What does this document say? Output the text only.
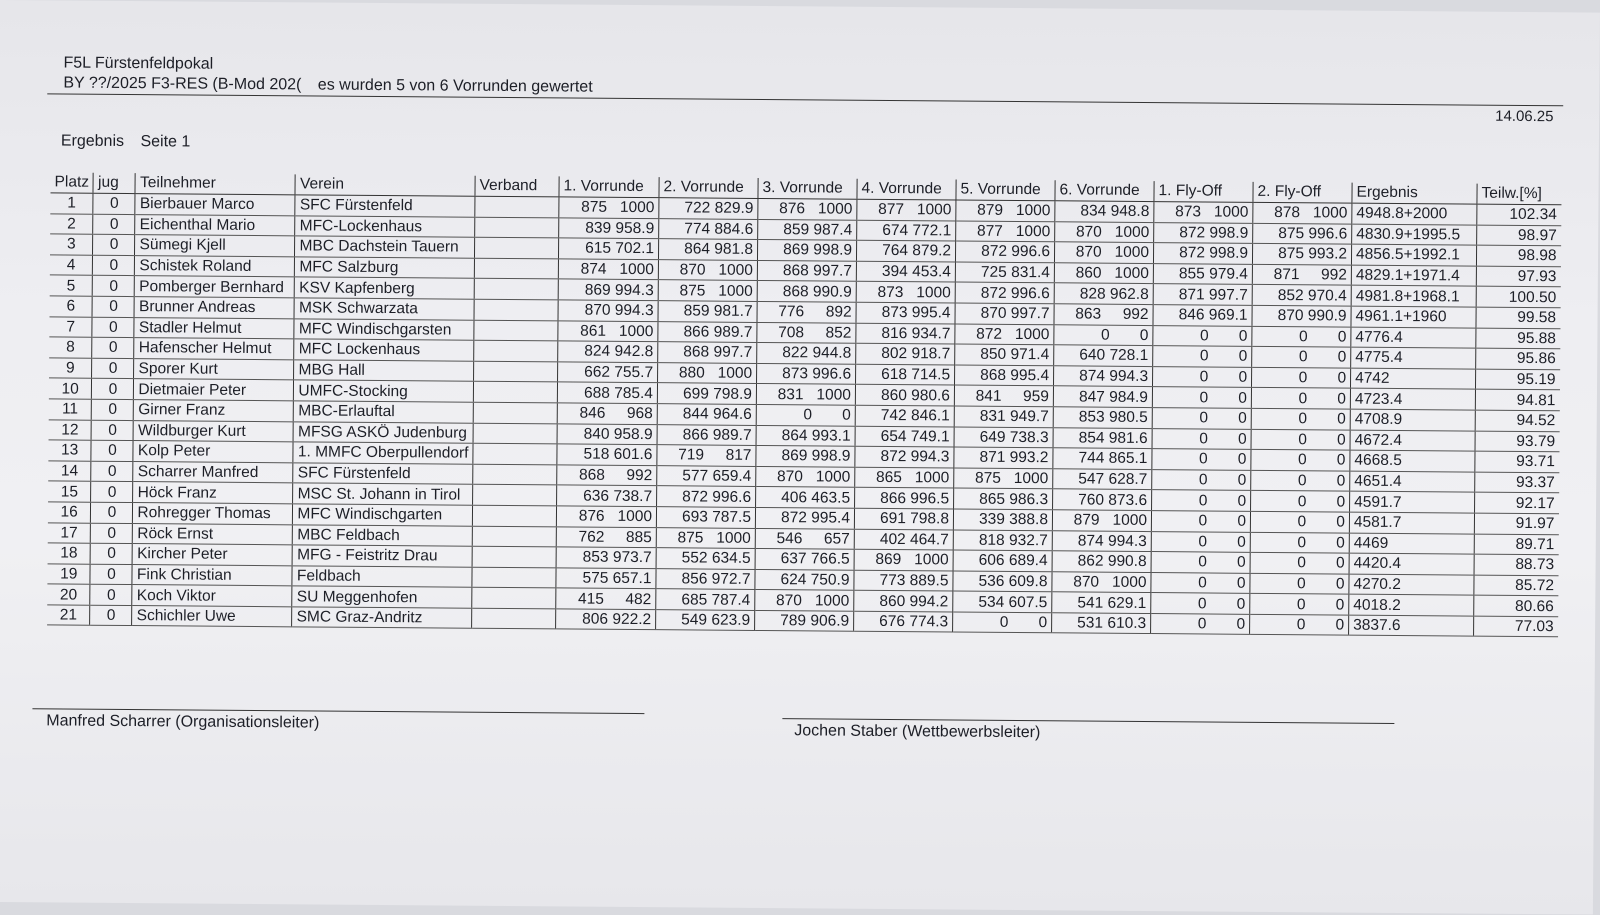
F5L Fürstenfeldpokal
BY ??/2025 F3-RES (B-Mod 202( es wurden 5 von 6 Vorrunden gewertet
14.06.25
Ergebnis Seite 1
Platz	jug	Teilnehmer	Verein	Verband	1. Vorrunde	2. Vorrunde	3. Vorrunde	4. Vorrunde	5. Vorrunde	6. Vorrunde	1. Fly-Off	2. Fly-Off	Ergebnis	Teilw.[%]
1	0	Bierbauer Marco	SFC Fürstenfeld		875   1000	722 829.9	876   1000	877   1000	879   1000	834 948.8	873   1000	878   1000	4948.8+2000	102.34
2	0	Eichenthal Mario	MFC-Lockenhaus		839 958.9	774 884.6	859 987.4	674 772.1	877   1000	870   1000	872 998.9	875 996.6	4830.9+1995.5	98.97
3	0	Sümegi Kjell	MBC Dachstein Tauern		615 702.1	864 981.8	869 998.9	764 879.2	872 996.6	870   1000	872 998.9	875 993.2	4856.5+1992.1	98.98
4	0	Schistek Roland	MFC Salzburg		874   1000	870   1000	868 997.7	394 453.4	725 831.4	860   1000	855 979.4	871     992	4829.1+1971.4	97.93
5	0	Pomberger Bernhard	KSV Kapfenberg		869 994.3	875   1000	868 990.9	873   1000	872 996.6	828 962.8	871 997.7	852 970.4	4981.8+1968.1	100.50
6	0	Brunner Andreas	MSK Schwarzata		870 994.3	859 981.7	776     892	873 995.4	870 997.7	863     992	846 969.1	870 990.9	4961.1+1960	99.58
7	0	Stadler Helmut	MFC Windischgarsten		861   1000	866 989.7	708     852	816 934.7	872   1000	0       0	0       0	0       0	4776.4	95.88
8	0	Hafenscher Helmut	MFC Lockenhaus		824 942.8	868 997.7	822 944.8	802 918.7	850 971.4	640 728.1	0       0	0       0	4775.4	95.86
9	0	Sporer Kurt	MBG Hall		662 755.7	880   1000	873 996.6	618 714.5	868 995.4	874 994.3	0       0	0       0	4742	95.19
10	0	Dietmaier Peter	UMFC-Stocking		688 785.4	699 798.9	831   1000	860 980.6	841     959	847 984.9	0       0	0       0	4723.4	94.81
11	0	Girner Franz	MBC-Erlauftal		846     968	844 964.6	0       0	742 846.1	831 949.7	853 980.5	0       0	0       0	4708.9	94.52
12	0	Wildburger Kurt	MFSG ASKÖ Judenburg		840 958.9	866 989.7	864 993.1	654 749.1	649 738.3	854 981.6	0       0	0       0	4672.4	93.79
13	0	Kolp Peter	1. MMFC Oberpullendorf		518 601.6	719     817	869 998.9	872 994.3	871 993.2	744 865.1	0       0	0       0	4668.5	93.71
14	0	Scharrer Manfred	SFC Fürstenfeld		868     992	577 659.4	870   1000	865   1000	875   1000	547 628.7	0       0	0       0	4651.4	93.37
15	0	Höck Franz	MSC St. Johann in Tirol		636 738.7	872 996.6	406 463.5	866 996.5	865 986.3	760 873.6	0       0	0       0	4591.7	92.17
16	0	Rohregger Thomas	MFC Windischgarten		876   1000	693 787.5	872 995.4	691 798.8	339 388.8	879   1000	0       0	0       0	4581.7	91.97
17	0	Röck Ernst	MBC Feldbach		762     885	875   1000	546     657	402 464.7	818 932.7	874 994.3	0       0	0       0	4469	89.71
18	0	Kircher Peter	MFG - Feistritz Drau		853 973.7	552 634.5	637 766.5	869   1000	606 689.4	862 990.8	0       0	0       0	4420.4	88.73
19	0	Fink Christian	Feldbach		575 657.1	856 972.7	624 750.9	773 889.5	536 609.8	870   1000	0       0	0       0	4270.2	85.72
20	0	Koch Viktor	SU Meggenhofen		415     482	685 787.4	870   1000	860 994.2	534 607.5	541 629.1	0       0	0       0	4018.2	80.66
21	0	Schichler Uwe	SMC Graz-Andritz		806 922.2	549 623.9	789 906.9	676 774.3	0       0	531 610.3	0       0	0       0	3837.6	77.03
Manfred Scharrer (Organisationsleiter)
Jochen Staber (Wettbewerbsleiter)
